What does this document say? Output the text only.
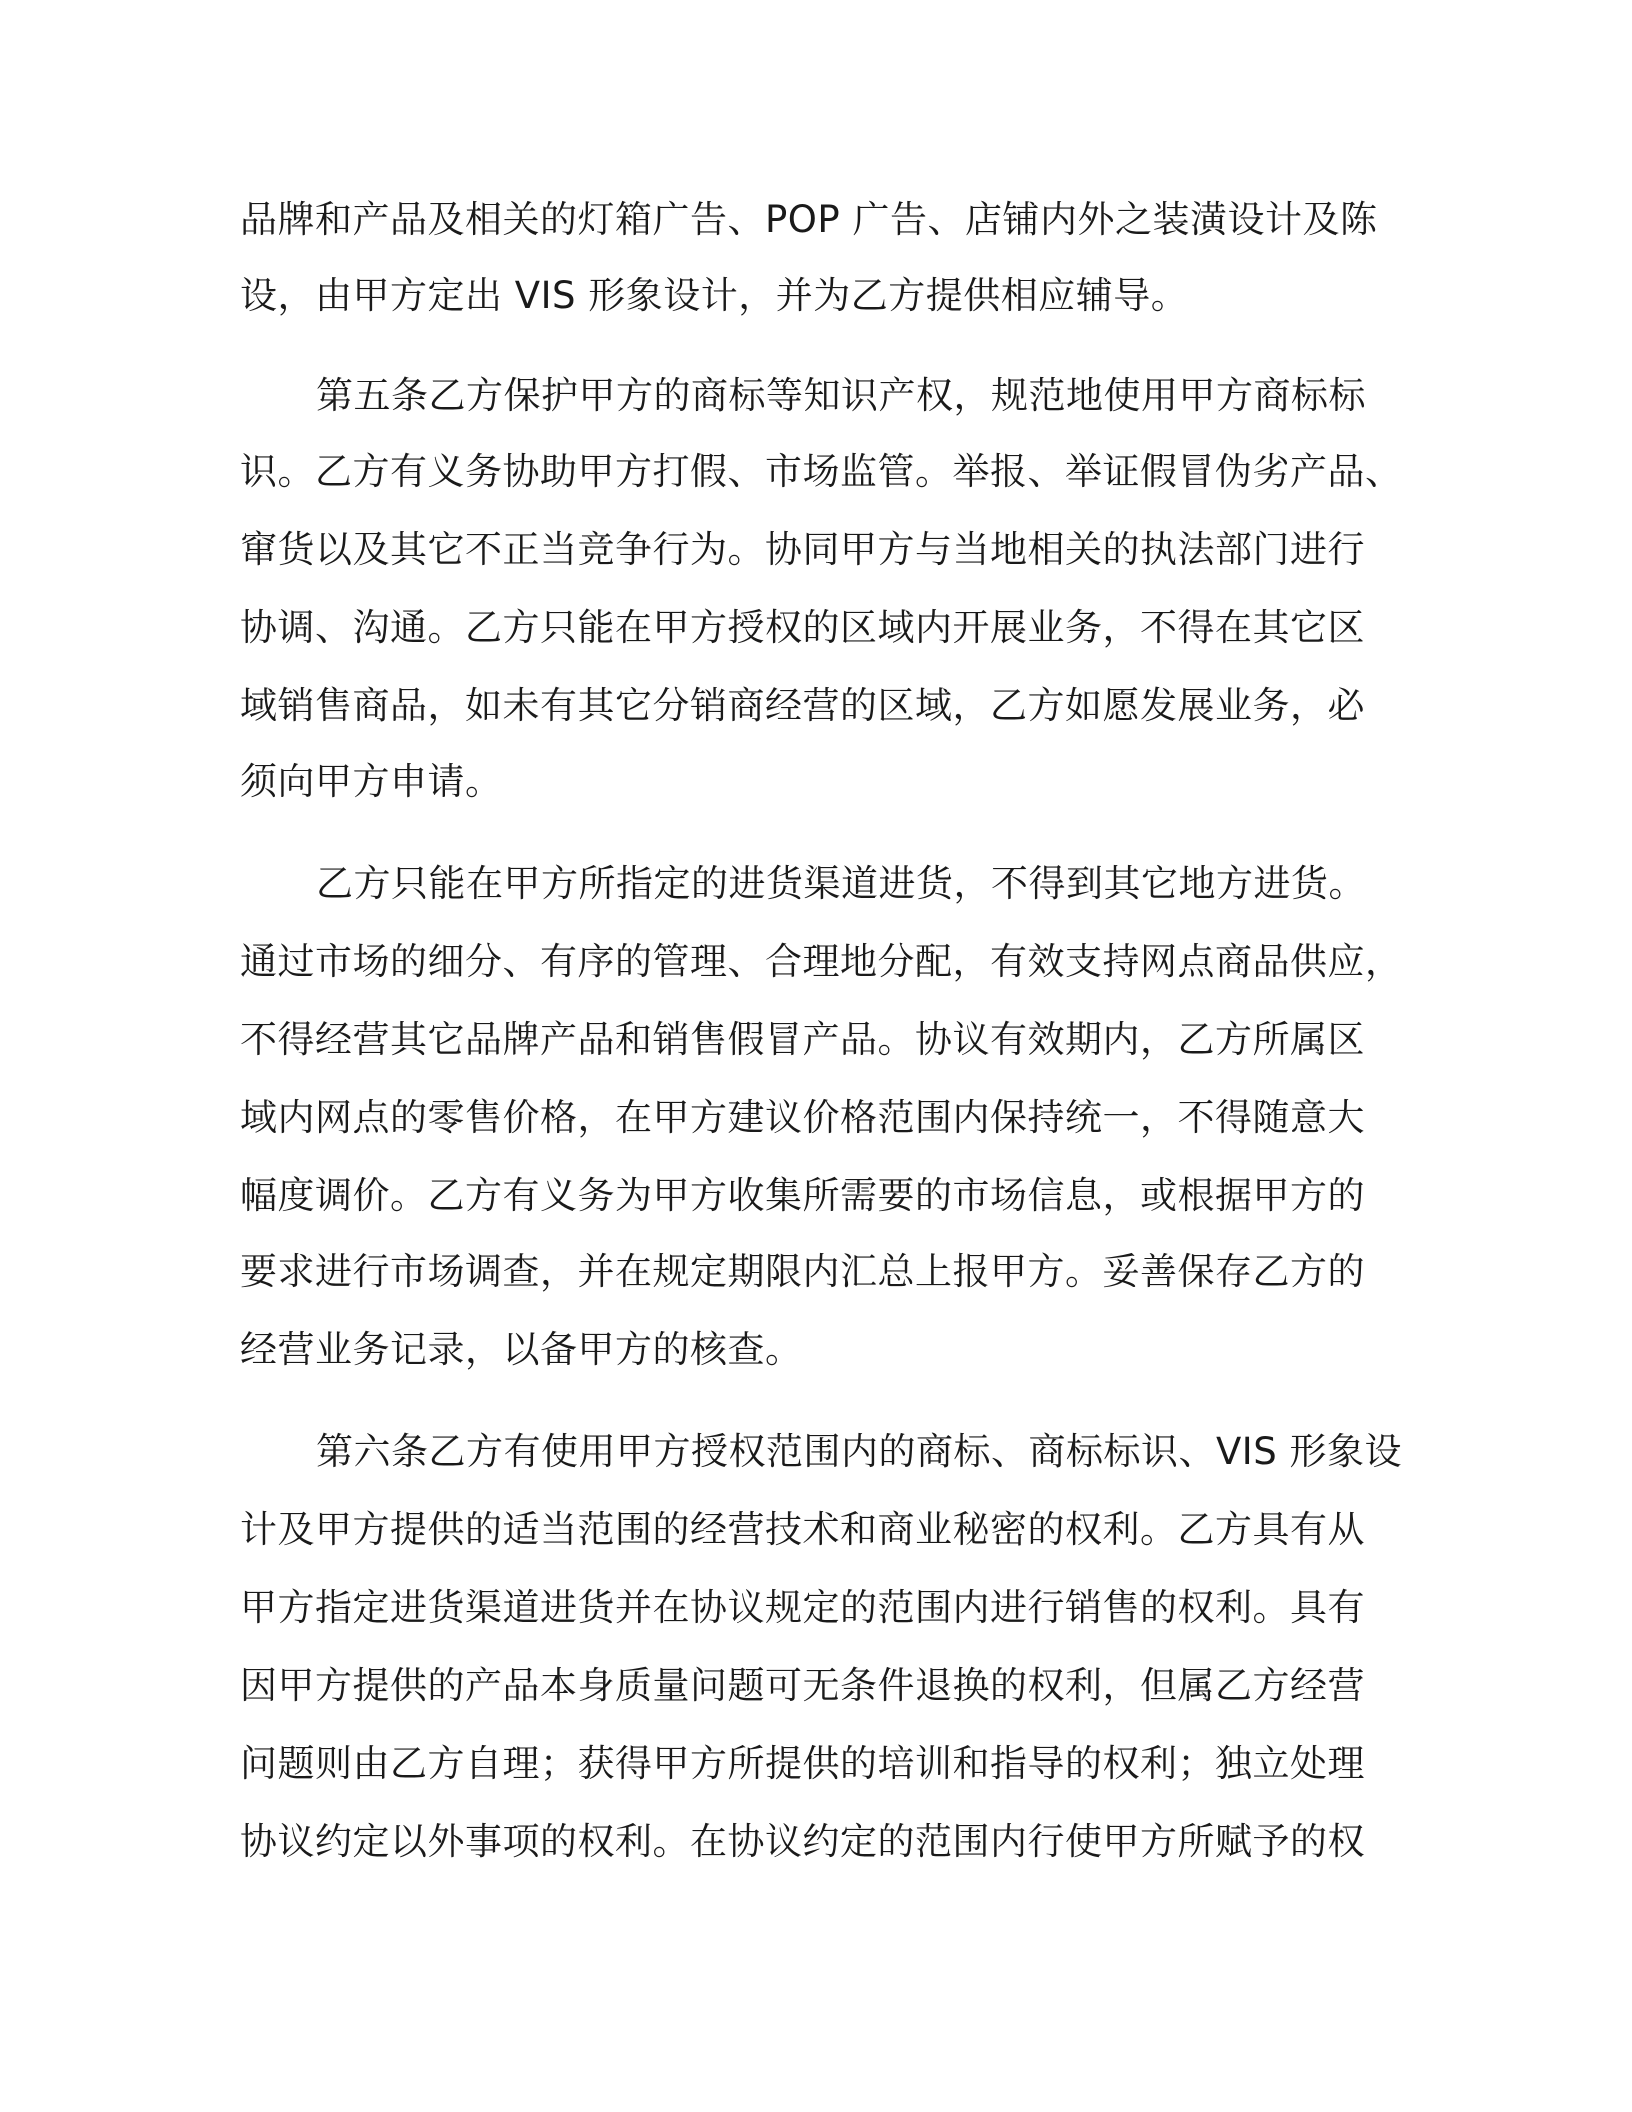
品牌和产品及相关的灯箱广告、POP 广告、店铺内外之装潢设计及陈
设，由甲方定出 VIS 形象设计，并为乙方提供相应辅导。
第五条乙方保护甲方的商标等知识产权，规范地使用甲方商标标
识。乙方有义务协助甲方打假、市场监管。举报、举证假冒伪劣产品、
窜货以及其它不正当竞争行为。协同甲方与当地相关的执法部门进行
协调、沟通。乙方只能在甲方授权的区域内开展业务，不得在其它区
域销售商品，如未有其它分销商经营的区域，乙方如愿发展业务，必
须向甲方申请。
乙方只能在甲方所指定的进货渠道进货，不得到其它地方进货。
通过市场的细分、有序的管理、合理地分配，有效支持网点商品供应，
不得经营其它品牌产品和销售假冒产品。协议有效期内，乙方所属区
域内网点的零售价格，在甲方建议价格范围内保持统一，不得随意大
幅度调价。乙方有义务为甲方收集所需要的市场信息，或根据甲方的
要求进行市场调查，并在规定期限内汇总上报甲方。妥善保存乙方的
经营业务记录，以备甲方的核查。
第六条乙方有使用甲方授权范围内的商标、商标标识、VIS 形象设
计及甲方提供的适当范围的经营技术和商业秘密的权利。乙方具有从
甲方指定进货渠道进货并在协议规定的范围内进行销售的权利。具有
因甲方提供的产品本身质量问题可无条件退换的权利，但属乙方经营
问题则由乙方自理；获得甲方所提供的培训和指导的权利；独立处理
协议约定以外事项的权利。在协议约定的范围内行使甲方所赋予的权
